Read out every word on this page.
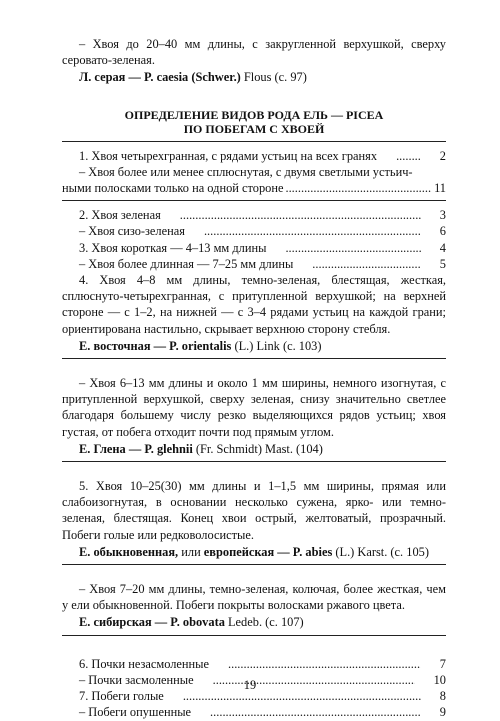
– Хвоя до 20–40 мм длины, с закругленной верхушкой, сверху серовато-зеленая.

Л. серая — P. caesia (Schwer.) Flous (с. 97)

ОПРЕДЕЛЕНИЕ ВИДОВ РОДА ЕЛЬ — PICEA

ПО ПОБЕГАМ С ХВОЕЙ

1. Хвоя четырехгранная, с рядами устьиц на всех гранях .....	2

– Хвоя более или менее сплюснутая, с двумя светлыми устьич-

ными полосками только на одной стороне .....	11
2. Хвоя зеленая .....	3
– Хвоя сизо-зеленая .....	6
3. Хвоя короткая — 4–13 мм длины .....	4
– Хвоя более длинная — 7–25 мм длины .....	5

4. Хвоя 4–8 мм длины, темно-зеленая, блестящая, жесткая, сплюснуто-четырехгранная, с притупленной верхушкой; на верхней стороне — с 1–2, на нижней — с 3–4 рядами устьиц на каждой грани; ориентирована настильно, скрывает верхнюю сторону стебля.

Е. восточная — P. orientalis (L.) Link (с. 103)

– Хвоя 6–13 мм длины и около 1 мм ширины, немного изогнутая, с притупленной верхушкой, сверху зеленая, снизу значительно светлее благодаря большему числу резко выделяющихся рядов устьиц; хвоя густая, от побега отходит почти под прямым углом.

Е. Глена — P. glehnii (Fr. Schmidt) Mast. (104)

5. Хвоя 10–25(30) мм длины и 1–1,5 мм ширины, прямая или слабоизогнутая, в основании несколько сужена, ярко- или темно-зеленая, блестящая. Конец хвои острый, желтоватый, прозрачный. Побеги голые или редковолосистые.

Е. обыкновенная, или европейская — P. abies (L.) Karst. (с. 105)

– Хвоя 7–20 мм длины, темно-зеленая, колючая, более жесткая, чем у ели обыкновенной. Побеги покрыты волосками ржавого цвета.

Е. сибирская — P. obovata Ledeb. (с. 107)

6. Почки незасмоленные .....	7
– Почки засмоленные .....	10
7. Побеги голые .....	8
– Побеги опушенные .....	9
19
